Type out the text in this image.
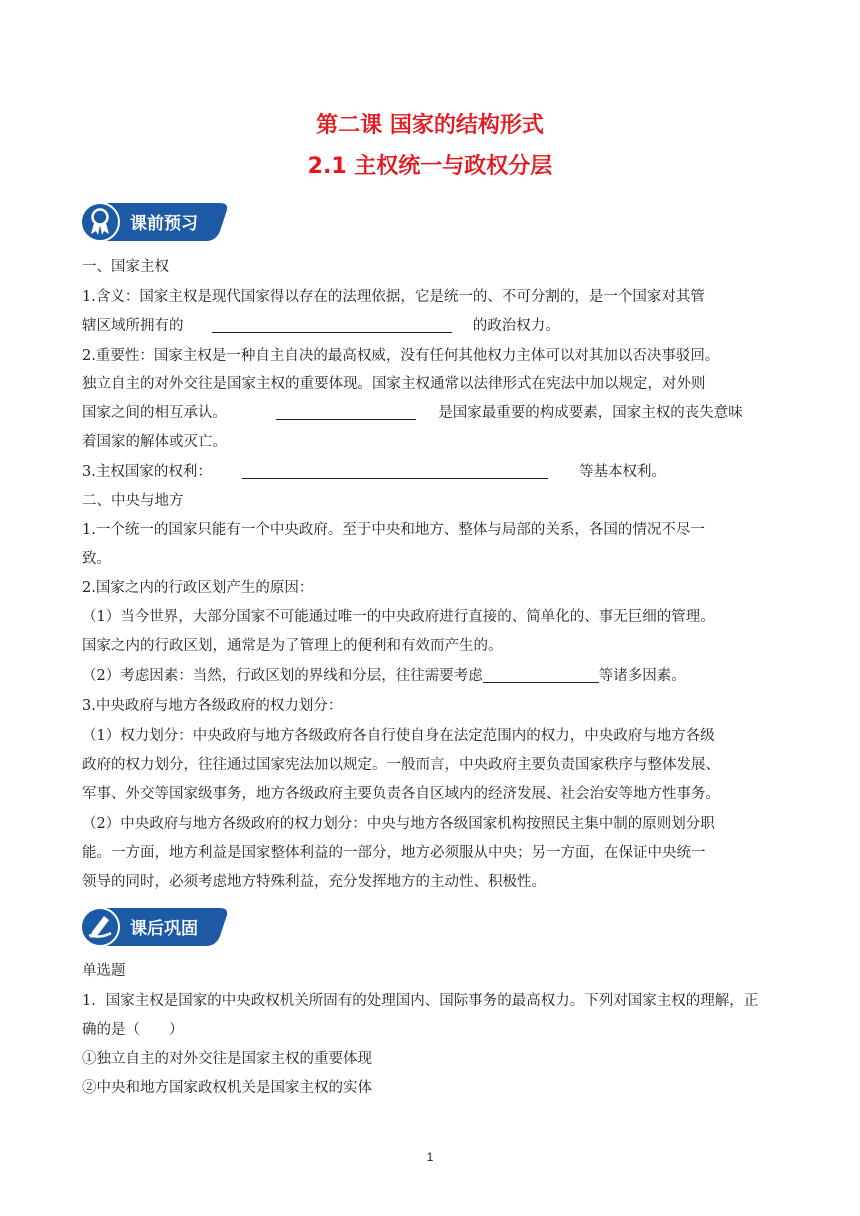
第二课 国家的结构形式
2.1 主权统一与政权分层
课前预习
课后巩固
一、国家主权
1.含义：国家主权是现代国家得以存在的法理依据，它是统一的、不可分割的，是一个国家对其管
辖区域所拥有的	的政治权力。
2.重要性：国家主权是一种自主自决的最高权威，没有任何其他权力主体可以对其加以否决事驳回。
独立自主的对外交往是国家主权的重要体现。国家主权通常以法律形式在宪法中加以规定，对外则
国家之间的相互承认。	是国家最重要的构成要素，国家主权的丧失意味
着国家的解体或灭亡。
3.主权国家的权利：	等基本权利。
二、中央与地方
1.一个统一的国家只能有一个中央政府。至于中央和地方、整体与局部的关系，各国的情况不尽一
致。
2.国家之内的行政区划产生的原因：
（1）当今世界，大部分国家不可能通过唯一的中央政府进行直接的、简单化的、事无巨细的管理。
国家之内的行政区划，通常是为了管理上的便利和有效而产生的。
（2）考虑因素：当然，行政区划的界线和分层，往往需要考虑	等诸多因素。
3.中央政府与地方各级政府的权力划分：
（1）权力划分：中央政府与地方各级政府各自行使自身在法定范围内的权力，中央政府与地方各级
政府的权力划分，往往通过国家宪法加以规定。一般而言，中央政府主要负责国家秩序与整体发展、
军事、外交等国家级事务，地方各级政府主要负责各自区域内的经济发展、社会治安等地方性事务。
（2）中央政府与地方各级政府的权力划分：中央与地方各级国家机构按照民主集中制的原则划分职
能。一方面，地方利益是国家整体利益的一部分，地方必须服从中央；另一方面，在保证中央统一
领导的同时，必须考虑地方特殊利益，充分发挥地方的主动性、积极性。
单选题
1．国家主权是国家的中央政权机关所固有的处理国内、国际事务的最高权力。下列对国家主权的理解，正
确的是（　　）
①独立自主的对外交往是国家主权的重要体现
②中央和地方国家政权机关是国家主权的实体
1
